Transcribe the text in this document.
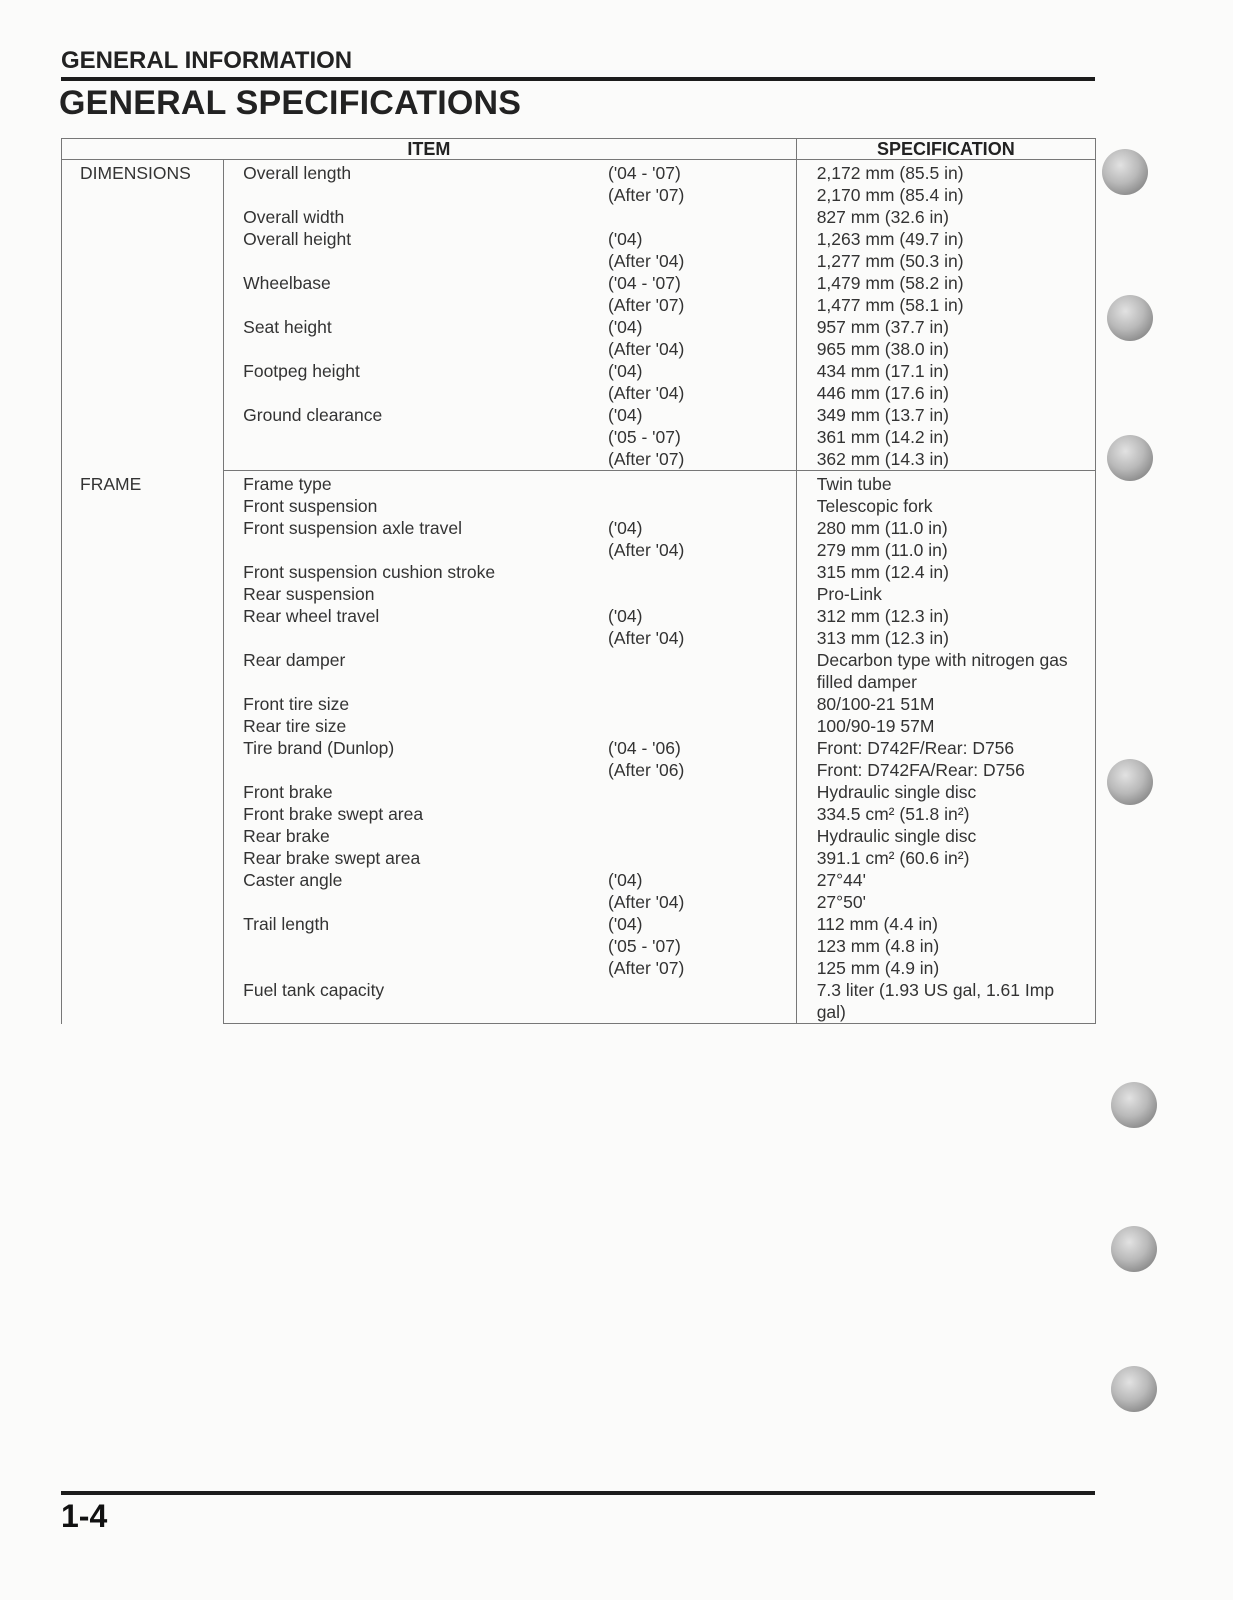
GENERAL INFORMATION
GENERAL SPECIFICATIONS
ITEM			SPECIFICATION
DIMENSIONS	Overall length	('04 - '07)	2,172 mm (85.5 in)
		(After '07)	2,170 mm (85.4 in)
	Overall width		827 mm (32.6 in)
	Overall height	('04)	1,263 mm (49.7 in)
		(After '04)	1,277 mm (50.3 in)
	Wheelbase	('04 - '07)	1,479 mm (58.2 in)
		(After '07)	1,477 mm (58.1 in)
	Seat height	('04)	957 mm (37.7 in)
		(After '04)	965 mm (38.0 in)
	Footpeg height	('04)	434 mm (17.1 in)
		(After '04)	446 mm (17.6 in)
	Ground clearance	('04)	349 mm (13.7 in)
		('05 - '07)	361 mm (14.2 in)
		(After '07)	362 mm (14.3 in)
FRAME	Frame type		Twin tube
	Front suspension		Telescopic fork
	Front suspension axle travel	('04)	280 mm (11.0 in)
		(After '04)	279 mm (11.0 in)
	Front suspension cushion stroke		315 mm (12.4 in)
	Rear suspension		Pro-Link
	Rear wheel travel	('04)	312 mm (12.3 in)
		(After '04)	313 mm (12.3 in)
	Rear damper		Decarbon type with nitrogen gas filled damper
	Front tire size		80/100-21 51M
	Rear tire size		100/90-19 57M
	Tire brand (Dunlop)	('04 - '06)	Front: D742F/Rear: D756
		(After '06)	Front: D742FA/Rear: D756
	Front brake		Hydraulic single disc
	Front brake swept area		334.5 cm² (51.8 in²)
	Rear brake		Hydraulic single disc
	Rear brake swept area		391.1 cm² (60.6 in²)
	Caster angle	('04)	27°44'
		(After '04)	27°50'
	Trail length	('04)	112 mm (4.4 in)
		('05 - '07)	123 mm (4.8 in)
		(After '07)	125 mm (4.9 in)
	Fuel tank capacity		7.3 liter (1.93 US gal, 1.61 Imp gal)
1-4
